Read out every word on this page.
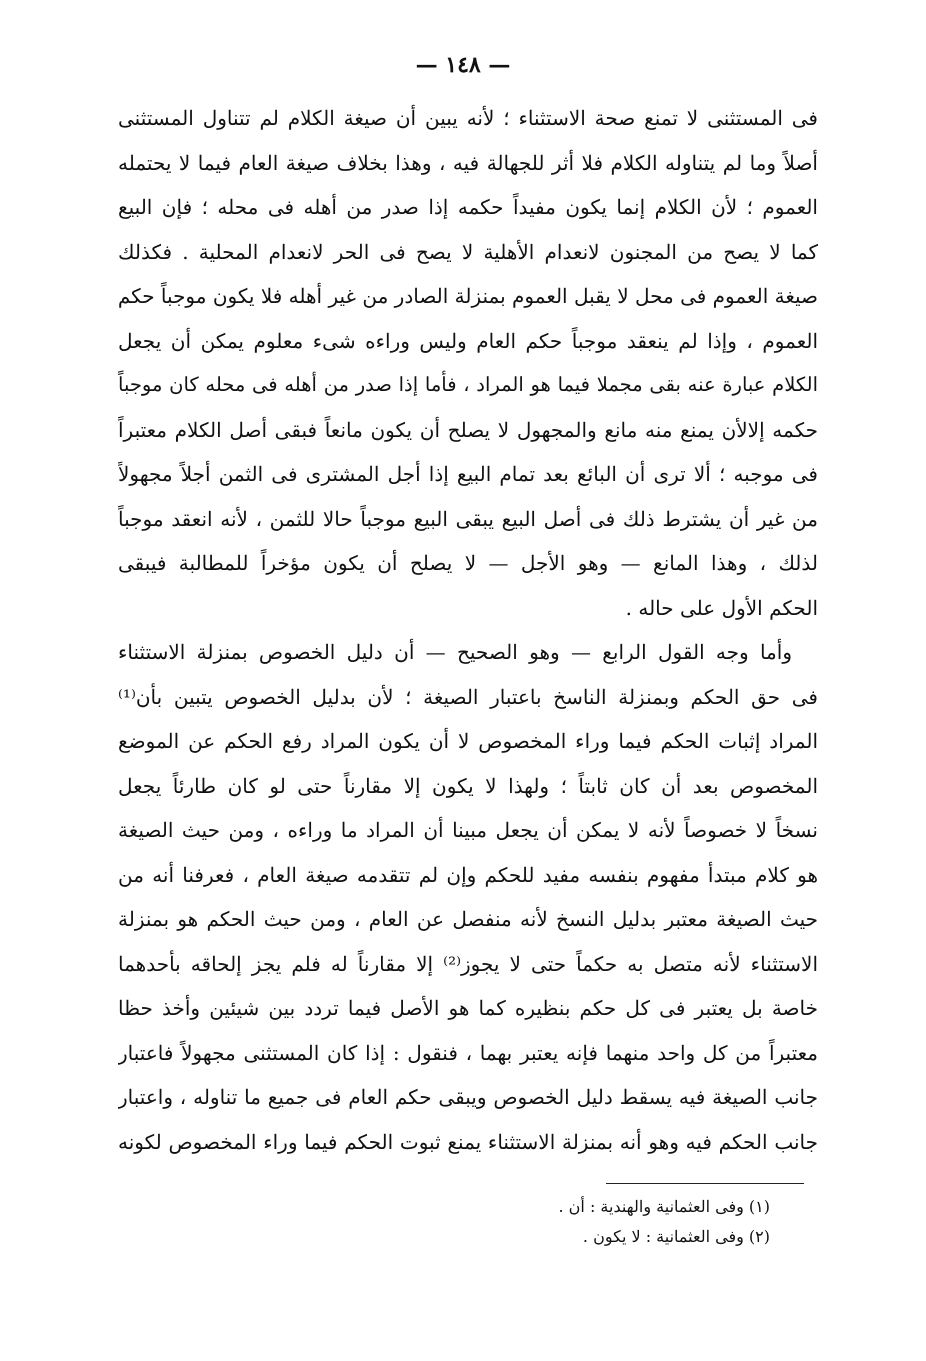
— ١٤٨ —
فى المستثنى لا تمنع صحة الاستثناء ؛ لأنه يبين أن صيغة الكلام لم تتناول المستثنى
أصلاً وما لم يتناوله الكلام فلا أثر للجهالة فيه ، وهذا بخلاف صيغة العام فيما لا يحتمله
العموم ؛ لأن الكلام إنما يكون مفيداً حكمه إذا صدر من أهله فى محله ؛ فإن البيع
كما لا يصح من المجنون لانعدام الأهلية لا يصح فى الحر لانعدام المحلية . فكذلك
صيغة العموم فى محل لا يقبل العموم بمنزلة الصادر من غير أهله فلا يكون موجباً حكم
العموم ، وإذا لم ينعقد موجباً حكم العام وليس وراءه شىء معلوم يمكن أن يجعل
الكلام عبارة عنه بقى مجملا فيما هو المراد ، فأما إذا صدر من أهله فى محله كان موجباً
حكمه إلالأن يمنع منه مانع والمجهول لا يصلح أن يكون مانعاً فبقى أصل الكلام معتبراً
فى موجبه ؛ ألا ترى أن البائع بعد تمام البيع إذا أجل المشترى فى الثمن أجلاً مجهولاً
من غير أن يشترط ذلك فى أصل البيع يبقى البيع موجباً حالا للثمن ، لأنه انعقد موجباً
لذلك ، وهذا المانع — وهو الأجل — لا يصلح أن يكون مؤخراً للمطالبة فيبقى
الحكم الأول على حاله .
وأما وجه القول الرابع — وهو الصحيح — أن دليل الخصوص بمنزلة الاستثناء
فى حق الحكم وبمنزلة الناسخ باعتبار الصيغة ؛ لأن بدليل الخصوص يتبين بأن⁽¹⁾
المراد إثبات الحكم فيما وراء المخصوص لا أن يكون المراد رفع الحكم عن الموضع
المخصوص بعد أن كان ثابتاً ؛ ولهذا لا يكون إلا مقارناً حتى لو كان طارئاً يجعل
نسخاً لا خصوصاً لأنه لا يمكن أن يجعل مبينا أن المراد ما وراءه ، ومن حيث الصيغة
هو كلام مبتدأ مفهوم بنفسه مفيد للحكم وإن لم تتقدمه صيغة العام ، فعرفنا أنه من
حيث الصيغة معتبر بدليل النسخ لأنه منفصل عن العام ، ومن حيث الحكم هو بمنزلة
الاستثناء لأنه متصل به حكماً حتى لا يجوز⁽²⁾ إلا مقارناً له فلم يجز إلحاقه بأحدهما
خاصة بل يعتبر فى كل حكم بنظيره كما هو الأصل فيما تردد بين شيئين وأخذ حظا
معتبراً من كل واحد منهما فإنه يعتبر بهما ، فنقول : إذا كان المستثنى مجهولاً فاعتبار
جانب الصيغة فيه يسقط دليل الخصوص ويبقى حكم العام فى جميع ما تناوله ، واعتبار
جانب الحكم فيه وهو أنه بمنزلة الاستثناء يمنع ثبوت الحكم فيما وراء المخصوص لكونه
(١) وفى العثمانية والهندية : أن .
(٢) وفى العثمانية : لا يكون .
